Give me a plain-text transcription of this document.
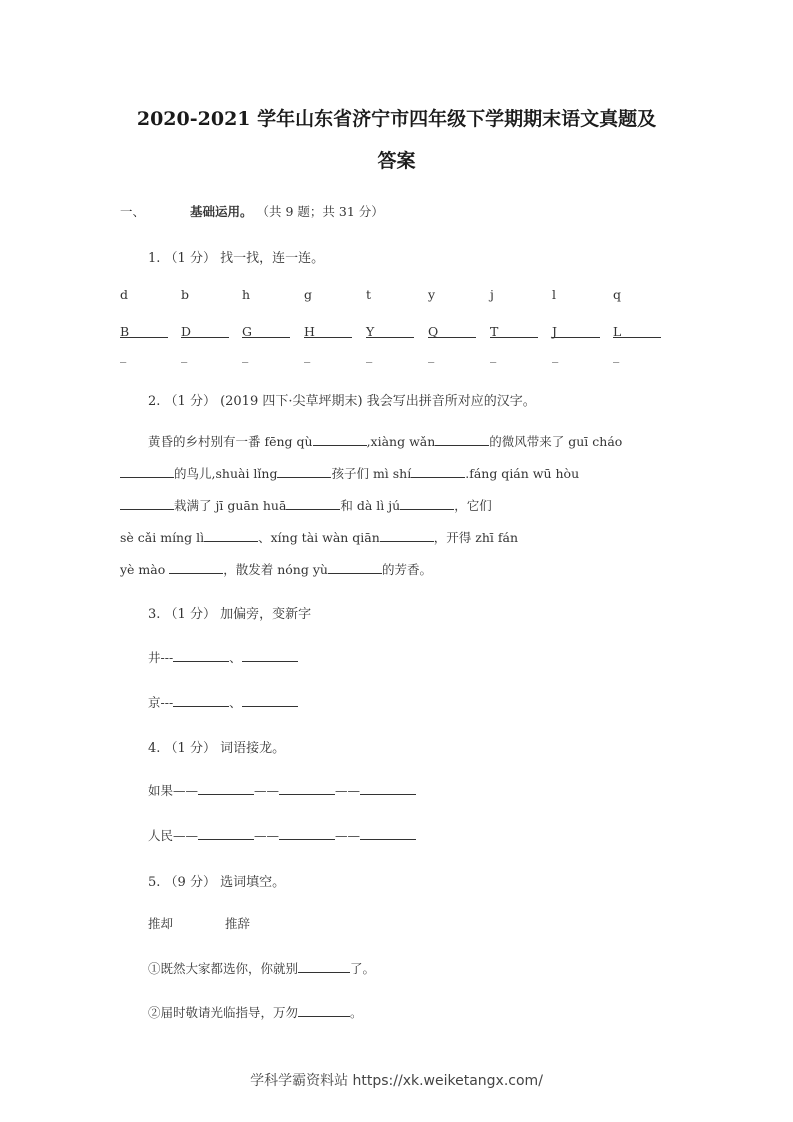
2020-2021 学年山东省济宁市四年级下学期期末语文真题及
答案
一、	基础运用。 （共 9 题；共 31 分）
1. （1 分） 找一找，连一连。
d	b	h	g	t	y	j	l	q
B	D	G	H	Y	Q	T	J	L
_	_	_	_	_	_	_	_	_
2. （1 分） (2019 四下·尖草坪期末) 我会写出拼音所对应的汉字。
黄昏的乡村别有一番 fēng qù	,xiàng wǎn	的微风带来了 guī cháo
的鸟儿,shuài lǐng	孩子们 mì shí	.fáng qián wū hòu
栽满了 jī guān huā	和 dà lì jú	，它们
sè cǎi míng lì	、xíng tài wàn qiān	，开得 zhī fán
yè mào	，散发着 nóng yù	的芳香。
3. （1 分） 加偏旁，变新字
井---	、
京---	、
4. （1 分） 词语接龙。
如果——	——	——
人民——	——	——
5. （9 分） 选词填空。
推却	推辞
①既然大家都选你，你就别	了。
②届时敬请光临指导，万勿	。
学科学霸资料站 https://xk.weiketangx.com/
